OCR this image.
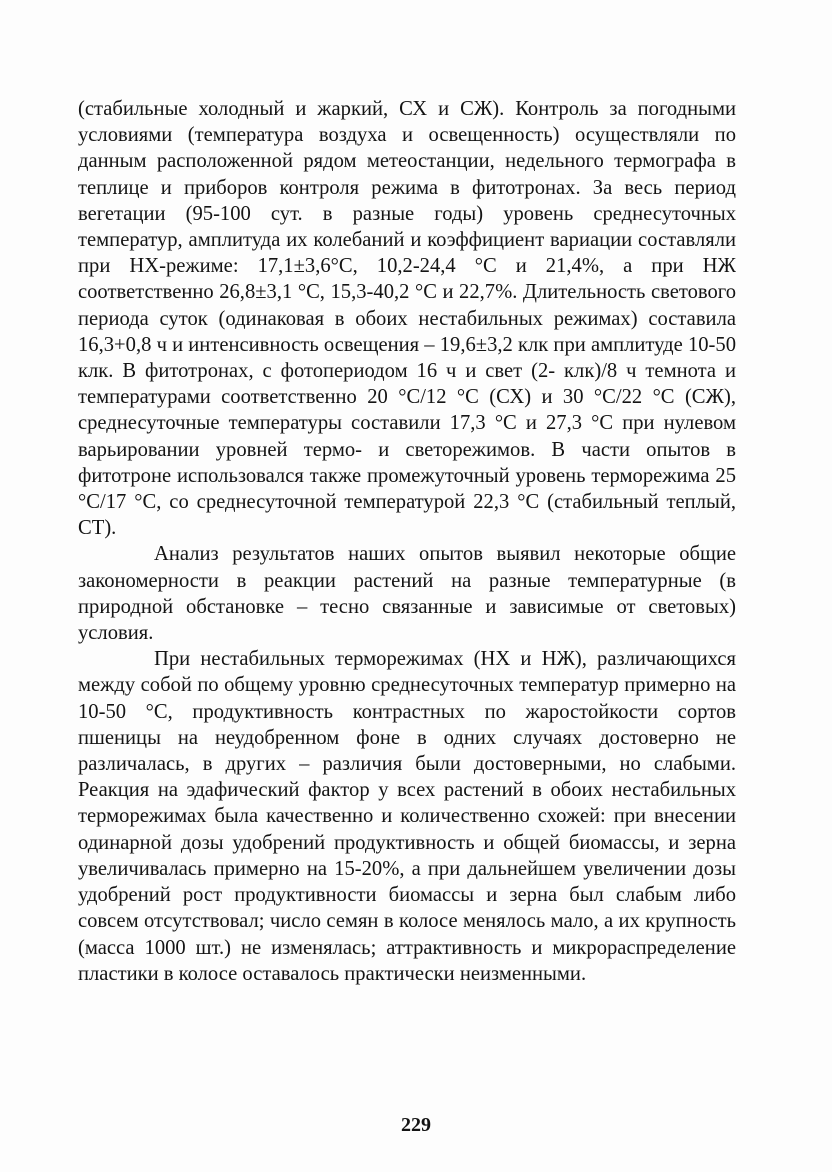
(стабильные холодный и жаркий, СХ и СЖ). Контроль за погодными условиями (температура воздуха и освещенность) осуществляли по данным расположенной рядом метеостанции, недельного термографа в теплице и приборов контроля режима в фитотронах. За весь период вегетации (95-100 сут. в разные годы) уровень среднесуточных температур, амплитуда их колебаний и коэффициент вариации составляли при НХ-режиме: 17,1±3,6°С, 10,2-24,4 °С и 21,4%, а при НЖ соответственно 26,8±3,1 °С, 15,3-40,2 °С и 22,7%. Длительность светового периода суток (одинаковая в обоих нестабильных режимах) составила 16,3+0,8 ч и интенсивность освещения – 19,6±3,2 клк при амплитуде 10-50 клк. В фитотронах, с фотопериодом 16 ч и свет (2- клк)/8 ч темнота и температурами соответственно 20 °С/12 °С (СХ) и 30 °С/22 °С (СЖ), среднесуточные температуры составили 17,3 °С и 27,3 °С при нулевом варьировании уровней термо- и светорежимов. В части опытов в фитотроне использовался также промежуточный уровень терморежима 25 °С/17 °С, со среднесуточной температурой 22,3 °С (стабильный теплый, СТ).

Анализ результатов наших опытов выявил некоторые общие закономерности в реакции растений на разные температурные (в природной обстановке – тесно связанные и зависимые от световых) условия.

При нестабильных терморежимах (НХ и НЖ), различающихся между собой по общему уровню среднесуточных температур примерно на 10-50 °С, продуктивность контрастных по жаростойкости сортов пшеницы на неудобренном фоне в одних случаях достоверно не различалась, в других – различия были достоверными, но слабыми. Реакция на эдафический фактор у всех растений в обоих нестабильных терморежимах была качественно и количественно схожей: при внесении одинарной дозы удобрений продуктивность и общей биомассы, и зерна увеличивалась примерно на 15-20%, а при дальнейшем увеличении дозы удобрений рост продуктивности биомассы и зерна был слабым либо совсем отсутствовал; число семян в колосе менялось мало, а их крупность (масса 1000 шт.) не изменялась; аттрактивность и микрораспределение пластики в колосе оставалось практически неизменными.

229
